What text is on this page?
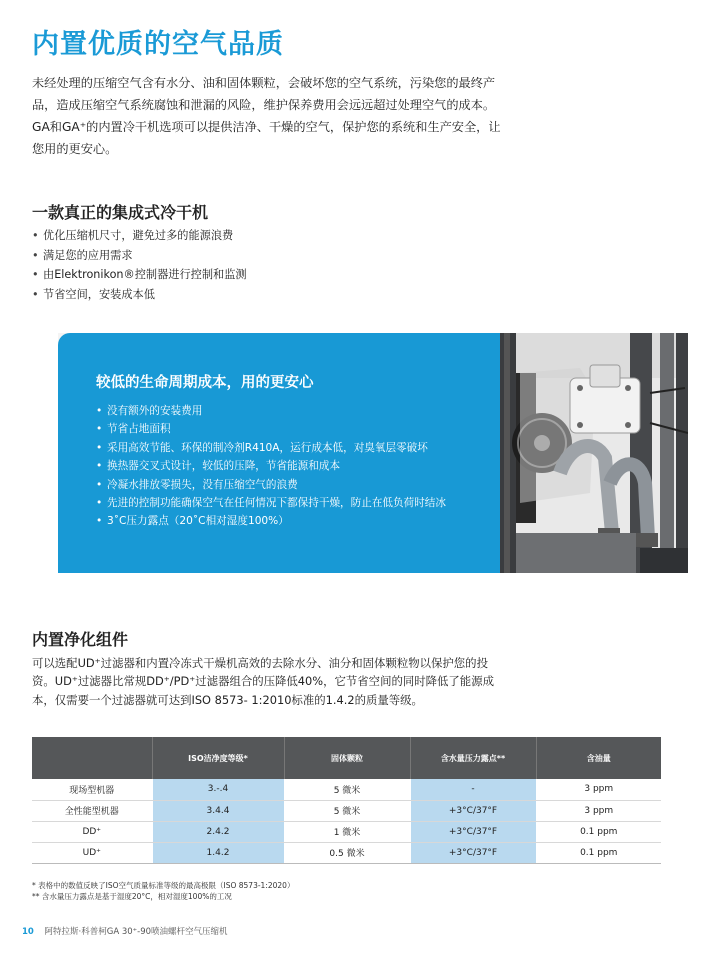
内置优质的空气品质

未经处理的压缩空气含有水分、油和固体颗粒，会破坏您的空气系统，污染您的最终产品，造成压缩空气系统腐蚀和泄漏的风险，维护保养费用会远远超过处理空气的成本。GA和GA⁺的内置冷干机选项可以提供洁净、干燥的空气，保护您的系统和生产安全，让您用的更安心。

一款真正的集成式冷干机
• 优化压缩机尺寸，避免过多的能源浪费
• 满足您的应用需求
• 由Elektronikon®控制器进行控制和监测
• 节省空间，安装成本低
较低的生命周期成本，用的更安心
• 没有额外的安装费用
• 节省占地面积
• 采用高效节能、环保的制冷剂R410A，运行成本低，对臭氧层零破坏
• 换热器交叉式设计，较低的压降，节省能源和成本
• 冷凝水排放零损失，没有压缩空气的浪费
• 先进的控制功能确保空气在任何情况下都保持干燥，防止在低负荷时结冰
• 3˚C压力露点（20˚C相对湿度100%）
内置净化组件

可以选配UD⁺过滤器和内置冷冻式干燥机高效的去除水分、油分和固体颗粒物以保护您的投资。UD⁺过滤器比常规DD⁺/PD⁺过滤器组合的压降低40%，它节省空间的同时降低了能源成本，仅需要一个过滤器就可达到ISO 8573- 1:2010标准的1.4.2的质量等级。

	ISO洁净度等级*	固体颗粒	含水量压力露点**	含油量
现场型机器	3.-.4	5 微米	-	3 ppm
全性能型机器	3.4.4	5 微米	+3°C/37°F	3 ppm
DD⁺	2.4.2	1 微米	+3°C/37°F	0.1 ppm
UD⁺	1.4.2	0.5 微米	+3°C/37°F	0.1 ppm
* 表格中的数值反映了ISO空气质量标准等级的最高极限（ISO 8573-1:2020）
** 含水量压力露点是基于湿度20°C，相对湿度100%的工况
10 阿特拉斯·科普柯GA 30⁺-90喷油螺杆空气压缩机
